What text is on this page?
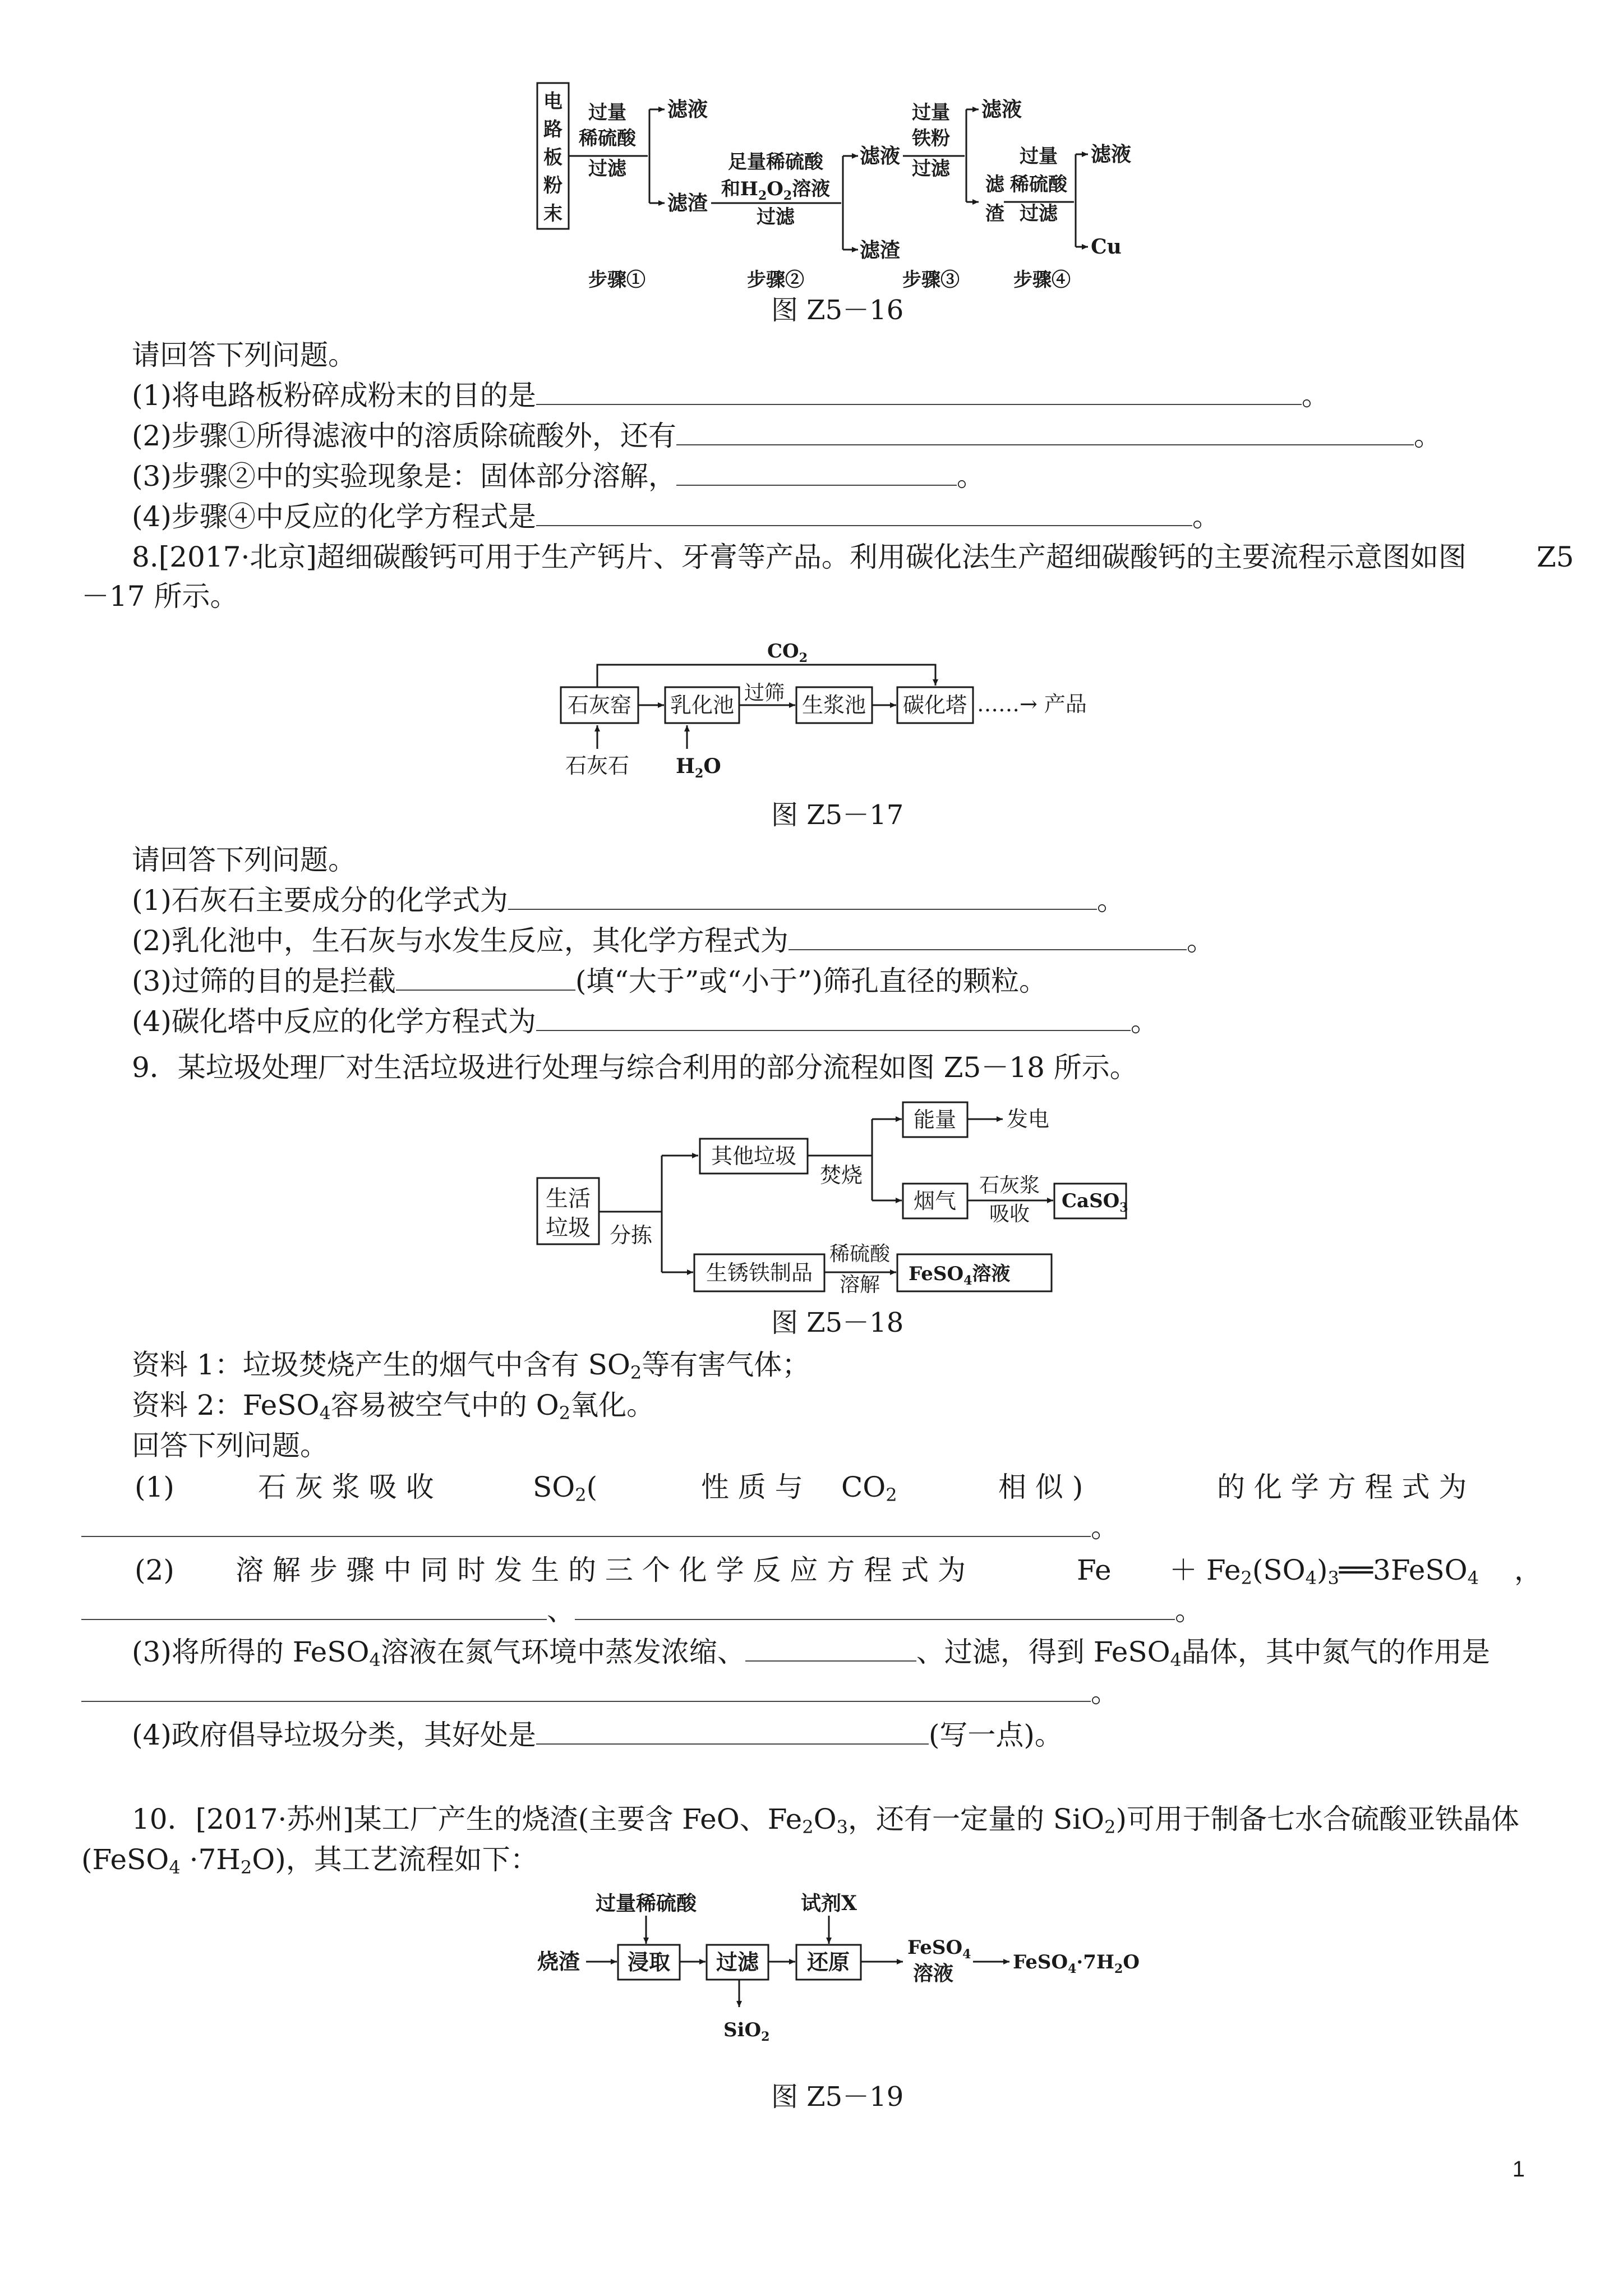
电路板粉末
过量
稀硫酸
过滤
滤液
滤渣
足量稀硫酸
和$H_2O_2$溶液
过滤
滤液
滤渣
过量
铁粉
过滤
滤液
滤
渣
过量
稀硫酸
过滤
滤液
Cu
步骤①	步骤②	步骤③	步骤④
图 Z5－16
请回答下列问题。
(1)将电路板粉碎成粉末的目的是	。
(2)步骤①所得滤液中的溶质除硫酸外，还有	。
(3)步骤②中的实验现象是：固体部分溶解，	。
(4)步骤④中反应的化学方程式是	。
8.[2017·北京]超细碳酸钙可用于生产钙片、牙膏等产品。利用碳化法生产超细碳酸钙的主要流程示意图如图	Z5
－17 所示。
$CO_2$
石灰窑 乳化池 过筛 生浆池 碳化塔 ……→ 产品
石灰石 $H_2O$
图 Z5－17
请回答下列问题。
(1)石灰石主要成分的化学式为	。
(2)乳化池中，生石灰与水发生反应，其化学方程式为	。
(3)过筛的目的是拦截	(填“大于”或“小于”)筛孔直径的颗粒。
(4)碳化塔中反应的化学方程式为	。
9．某垃圾处理厂对生活垃圾进行处理与综合利用的部分流程如图 Z5－18 所示。
生活
垃圾 分拣
其他垃圾
焚烧
能量 发电
烟气
石灰浆
吸收
CaSO$_3$
生锈铁制品
稀硫酸
溶解 FeSO$_4$溶液
图 Z5－18
资料 1：垃圾焚烧产生的烟气中含有 $SO_2$等有害气体；
资料 2：FeSO$_4$容易被空气中的 $O_2$氧化。
回答下列问题。
(1)	石 灰 浆 吸 收	$SO_2$(	性 质 与 $CO_2$	相 似 )	的 化 学 方 程 式 为
。
(2) 溶 解 步 骤 中 同 时 发 生 的 三 个 化 学 反 应 方 程 式 为	$Fe + Fe_2(SO_4)_3══3FeSO_4$ ，
、	。
(3)将所得的 FeSO$_4$溶液在氮气环境中蒸发浓缩、	、过滤，得到 FeSO$_4$晶体，其中氮气的作用是
。
(4)政府倡导垃圾分类，其好处是	(写一点)。
10．[2017·苏州]某工厂产生的烧渣(主要含 FeO、$Fe_2O_3$，还有一定量的 SiO$_2$)可用于制备七水合硫酸亚铁晶体
(FeSO$_4$ $\cdot 7H_2O$)，其工艺流程如下：
过量稀硫酸	试剂X
烧渣 浸取 过滤
SiO$_2$
还原
FeSO$_4$
溶液	$FeSO_4\cdot 7H_2O$
图 Z5－19
1
